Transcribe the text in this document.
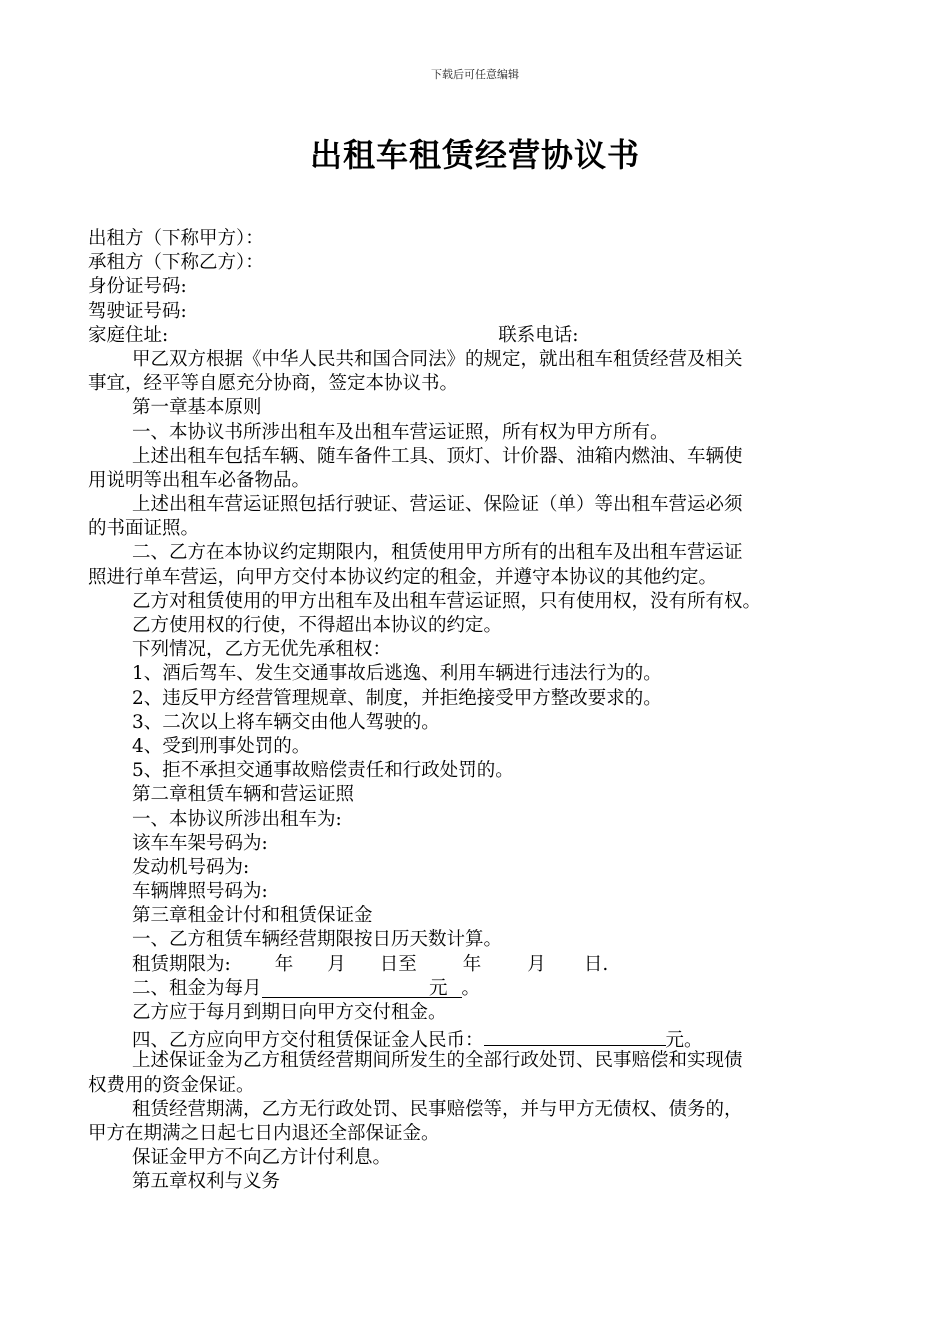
下载后可任意编辑
出租车租赁经营协议书
出租方（下称甲方）：
承租方（下称乙方）：
身份证号码:
驾驶证号码:
家庭住址:	联系电话:
甲乙双方根据《中华人民共和国合同法》的规定，就出租车租赁经营及相关
事宜，经平等自愿充分协商，签定本协议书。
第一章基本原则
一、本协议书所涉出租车及出租车营运证照，所有权为甲方所有。
上述出租车包括车辆、随车备件工具、顶灯、计价器、油箱内燃油、车辆使
用说明等出租车必备物品。
上述出租车营运证照包括行驶证、营运证、保险证（单）等出租车营运必须
的书面证照。
二、乙方在本协议约定期限内，租赁使用甲方所有的出租车及出租车营运证
照进行单车营运，向甲方交付本协议约定的租金，并遵守本协议的其他约定。
乙方对租赁使用的甲方出租车及出租车营运证照，只有使用权，没有所有权。
乙方使用权的行使，不得超出本协议的约定。
下列情况，乙方无优先承租权：
1、酒后驾车、发生交通事故后逃逸、利用车辆进行违法行为的。
2、违反甲方经营管理规章、制度，并拒绝接受甲方整改要求的。
3、二次以上将车辆交由他人驾驶的。
4、受到刑事处罚的。
5、拒不承担交通事故赔偿责任和行政处罚的。
第二章租赁车辆和营运证照
一、本协议所涉出租车为:
该车车架号码为:
发动机号码为:
车辆牌照号码为:
第三章租金计付和租赁保证金
一、乙方租赁车辆经营期限按日历天数计算。
租赁期限为: 年 月 日至 年 月 日.
二、租金为每月	元 。
乙方应于每月到期日向甲方交付租金。
四、乙方应向甲方交付租赁保证金人民币：	元。
上述保证金为乙方租赁经营期间所发生的全部行政处罚、民事赔偿和实现债
权费用的资金保证。
租赁经营期满，乙方无行政处罚、民事赔偿等，并与甲方无债权、债务的，
甲方在期满之日起七日内退还全部保证金。
保证金甲方不向乙方计付利息。
第五章权利与义务
